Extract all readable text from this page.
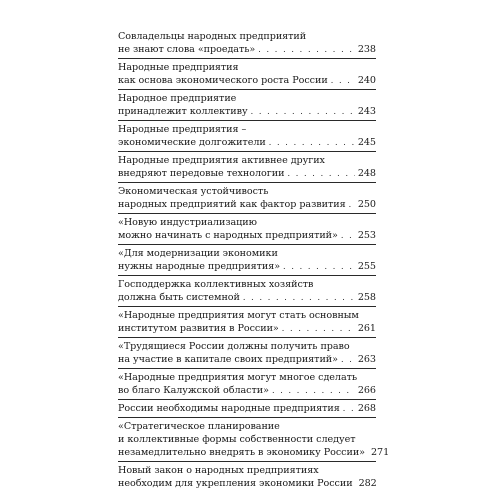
Совладельцы народных предприятий
не знают слова «проедать» . . .	238
Народные предприятия
как основа экономического роста России . . .	240
Народное предприятие
принадлежит коллективу . . .	243
Народные предприятия –
экономические долгожители . . .	245
Народные предприятия активнее других
внедряют передовые технологии . . .	248
Экономическая устойчивость
народных предприятий как фактор развития . . . 250
«Новую индустриализацию
можно начинать с народных предприятий» . . . 253
«Для модернизации экономики
нужны народные предприятия» . . .	255
Господдержка коллективных хозяйств
должна быть системной . . .	258
«Народные предприятия могут стать основным
институтом развития в России» . . .	261
«Трудящиеся России должны получить право
на участие в капитале своих предприятий» . . . 263
«Народные предприятия могут многое сделать
во благо Калужской области» . . .	266
России необходимы народные предприятия . . . 268
«Стратегическое планирование
и коллективные формы собственности следует
незамедлительно внедрять в экономику России» 271
Новый закон о народных предприятиях
необходим для укрепления экономики России 282
